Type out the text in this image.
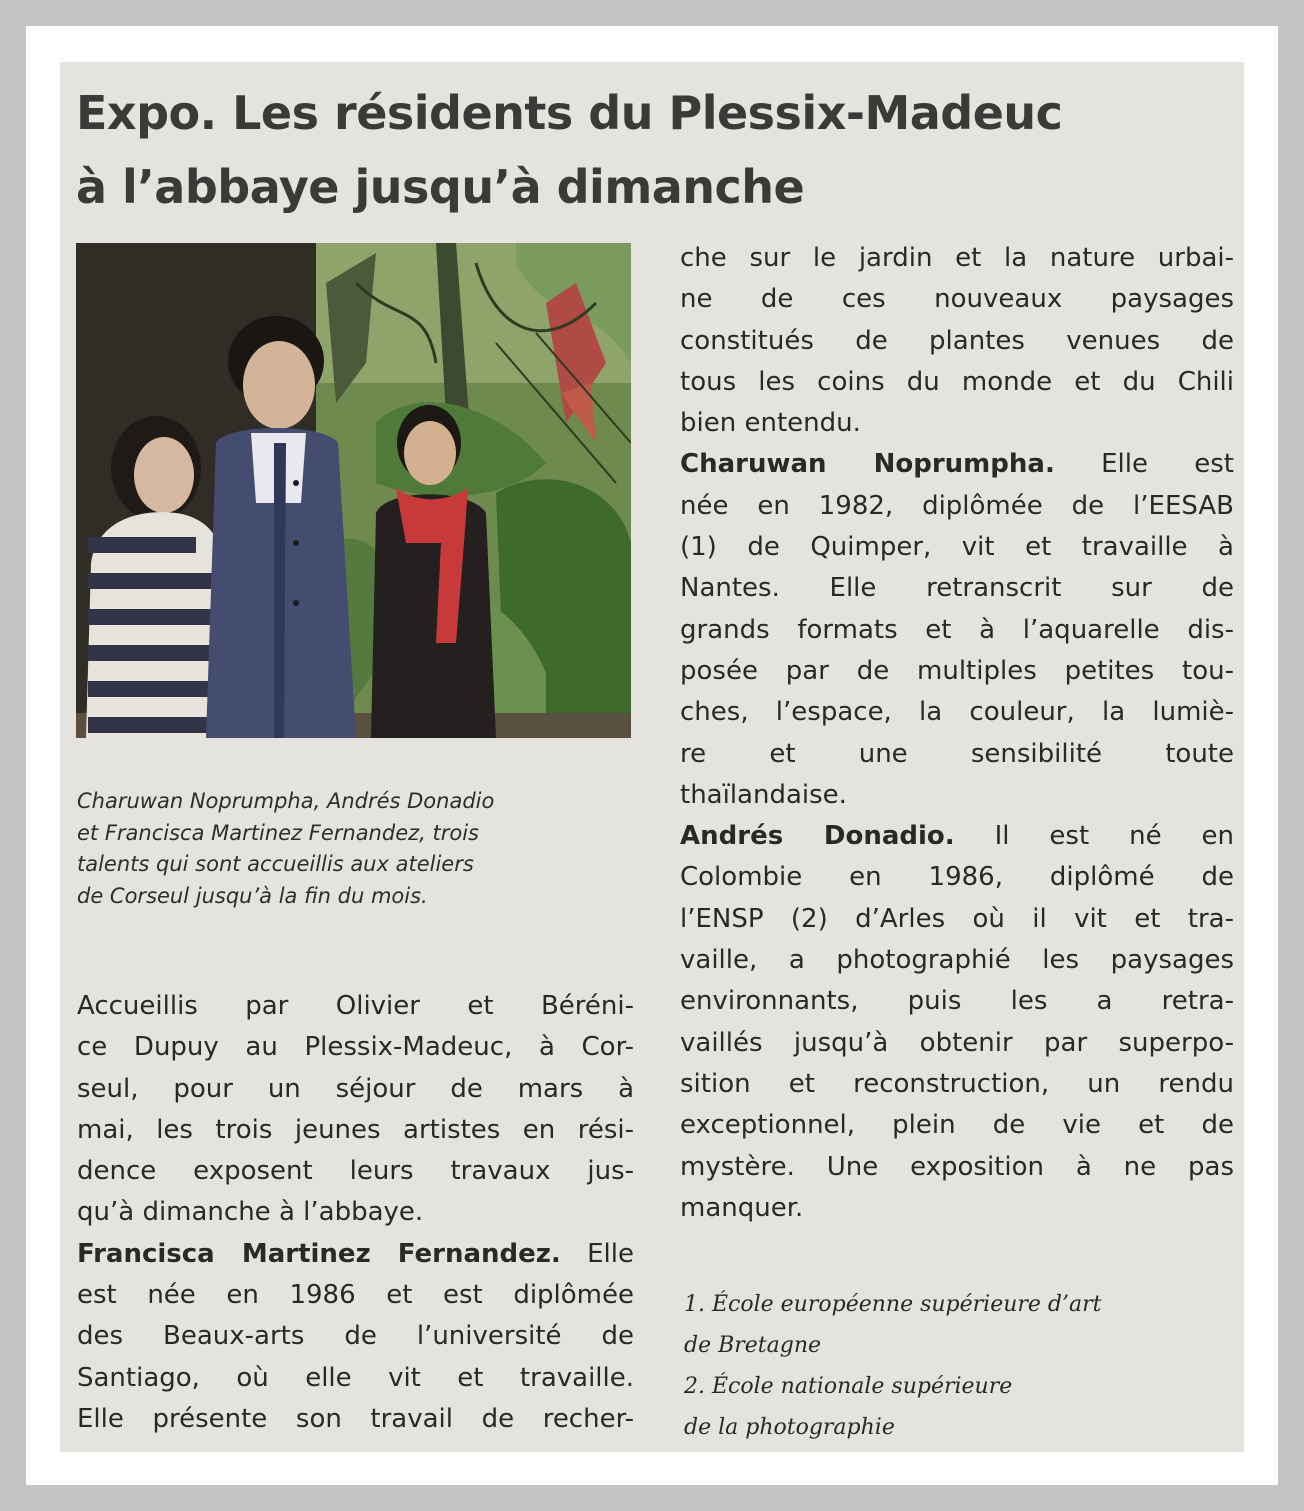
Expo. Les résidents du Plessix-Madeuc
à l’abbaye jusqu’à dimanche
Charuwan Noprumpha, Andrés Donadio
et Francisca Martinez Fernandez, trois
talents qui sont accueillis aux ateliers
de Corseul jusqu’à la fin du mois.
Accueillis par Olivier et Béréni-
ce Dupuy au Plessix-Madeuc, à Cor-
seul, pour un séjour de mars à
mai, les trois jeunes artistes en rési-
dence exposent leurs travaux jus-
qu’à dimanche à l’abbaye.
Francisca Martinez Fernandez. Elle
est née en 1986 et est diplômée
des Beaux-arts de l’université de
Santiago, où elle vit et travaille.
Elle présente son travail de recher-
che sur le jardin et la nature urbai-
ne de ces nouveaux paysages
constitués de plantes venues de
tous les coins du monde et du Chili
bien entendu.
Charuwan Noprumpha. Elle est
née en 1982, diplômée de l’EESAB
(1) de Quimper, vit et travaille à
Nantes. Elle retranscrit sur de
grands formats et à l’aquarelle dis-
posée par de multiples petites tou-
ches, l’espace, la couleur, la lumiè-
re et une sensibilité toute
thaïlandaise.
Andrés Donadio. Il est né en
Colombie en 1986, diplômé de
l’ENSP (2) d’Arles où il vit et tra-
vaille, a photographié les paysages
environnants, puis les a retra-
vaillés jusqu’à obtenir par superpo-
sition et reconstruction, un rendu
exceptionnel, plein de vie et de
mystère. Une exposition à ne pas
manquer.
1. École européenne supérieure d’art
de Bretagne
2. École nationale supérieure
de la photographie
